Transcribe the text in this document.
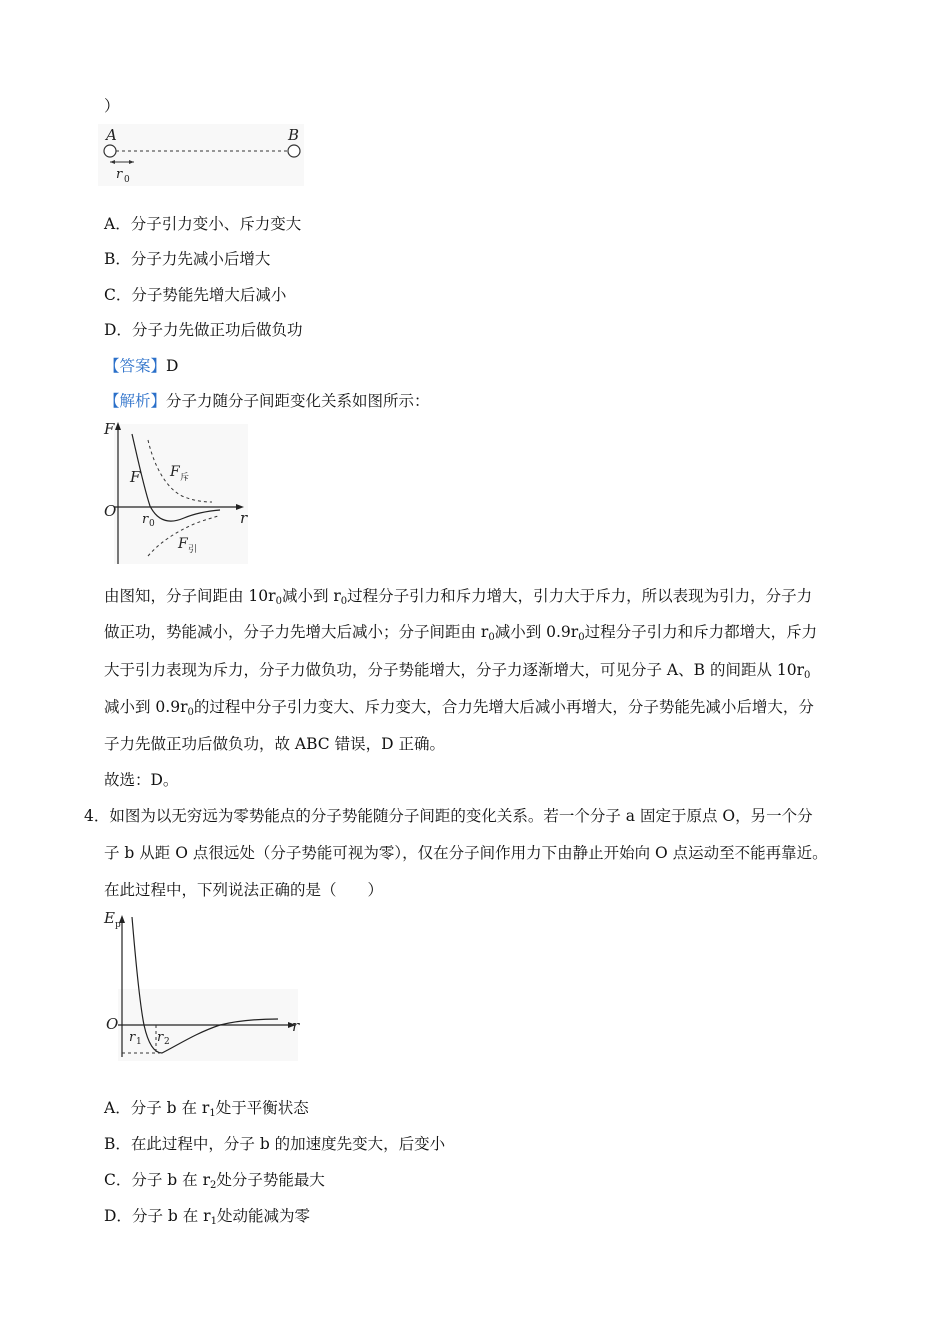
）
A	B
r 0
A．分子引力变小、斥力变大
B．分子力先减小后增大
C．分子势能先增大后减小
D．分子力先做正功后做负功
【答案】D
【解析】分子力随分子间距变化关系如图所示：
F
r
O
F
r 0
F 斥
F 引
由图知，分子间距由 $10r_0$减小到 $r_0$过程分子引力和斥力增大，引力大于斥力，所以表现为引力，分子力
做正功，势能减小，分子力先增大后减小；分子间距由 $r_0$减小到 $0.9r_0$过程分子引力和斥力都增大，斥力
大于引力表现为斥力，分子力做负功，分子势能增大，分子力逐渐增大，可见分子 A、B 的间距从 $10r_0$
减小到 $0.9r_0$的过程中分子引力变大、斥力变大，合力先增大后减小再增大，分子势能先减小后增大，分
子力先做正功后做负功，故 ABC 错误，D 正确。
故选：D。
4．如图为以无穷远为零势能点的分子势能随分子间距的变化关系。若一个分子 a 固定于原点 O，另一个分
子 b 从距 O 点很远处（分子势能可视为零），仅在分子间作用力下由静止开始向 O 点运动至不能再靠近。
在此过程中，下列说法正确的是（　　）
E p
r
O
r 1 r 2
A．分子 b 在 $r_1$处于平衡状态
B．在此过程中，分子 b 的加速度先变大，后变小
C．分子 b 在 $r_2$处分子势能最大
D．分子 b 在 $r_1$处动能减为零
